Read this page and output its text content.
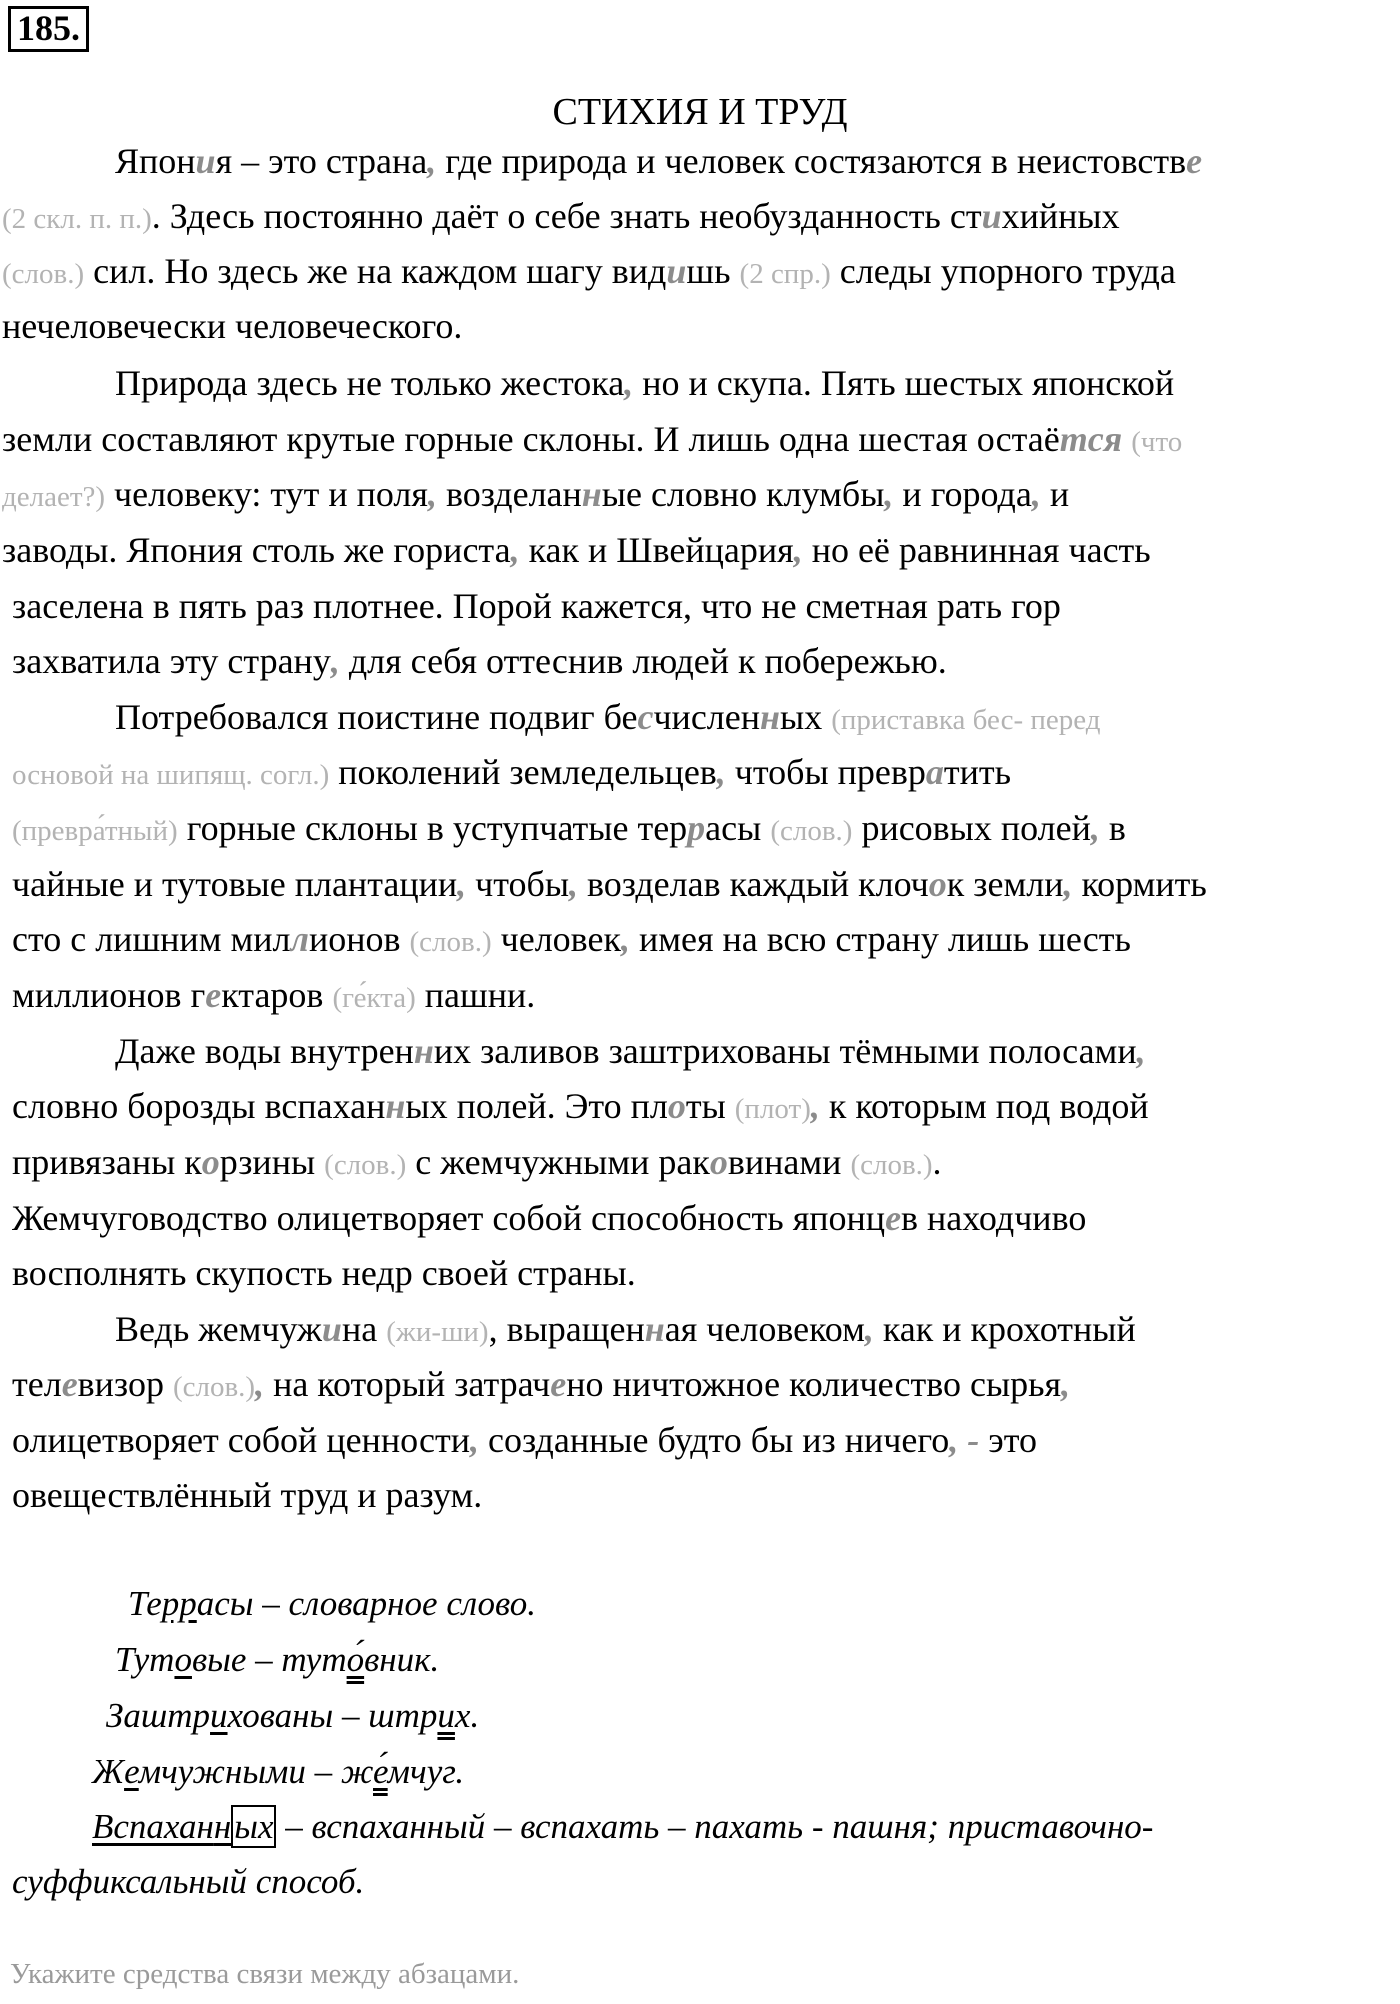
185.
СТИХИЯ И ТРУД
Япония – это страна, где природа и человек состязаются в неистовстве
(2 скл. п. п.). Здесь постоянно даёт о себе знать необузданность стихийных
(слов.) сил. Но здесь же на каждом шагу видишь (2 спр.) следы упорного труда
нечеловечески человеческого.
Природа здесь не только жестока, но и скупа. Пять шестых японской
земли составляют крутые горные склоны. И лишь одна шестая остаётся (что
делает?) человеку: тут и поля, возделанные словно клумбы, и города, и
заводы. Япония столь же гориста, как и Швейцария, но её равнинная часть
заселена в пять раз плотнее. Порой кажется, что не сметная рать гор
захватила эту страну, для себя оттеснив людей к побережью.
Потребовался поистине подвиг бесчисленных (приставка бес- перед
основой на шипящ. согл.) поколений земледельцев, чтобы превратить
(превра́тный) горные склоны в уступчатые террасы (слов.) рисовых полей, в
чайные и тутовые плантации, чтобы, возделав каждый клочок земли, кормить
сто с лишним миллионов (слов.) человек, имея на всю страну лишь шесть
миллионов гектаров (ге́кта) пашни.
Даже воды внутренних заливов заштрихованы тёмными полосами,
словно борозды вспаханных полей. Это плоты (плот), к которым под водой
привязаны корзины (слов.) с жемчужными раковинами (слов.).
Жемчуговодство олицетворяет собой способность японцев находчиво
восполнять скупость недр своей страны.
Ведь жемчужина (жи-ши), выращенная человеком, как и крохотный
телевизор (слов.), на который затрачено ничтожное количество сырья,
олицетворяет собой ценности, созданные будто бы из ничего, - это
овеществлённый труд и разум.
Террасы – словарное слово.
Тутовые – туто́вник.
Заштрихованы – штрих.
Жемчужными – же́мчуг.
Вспаханных – вспаханный – вспахать – пахать - пашня; приставочно-
суффиксальный способ.
Укажите средства связи между абзацами.
